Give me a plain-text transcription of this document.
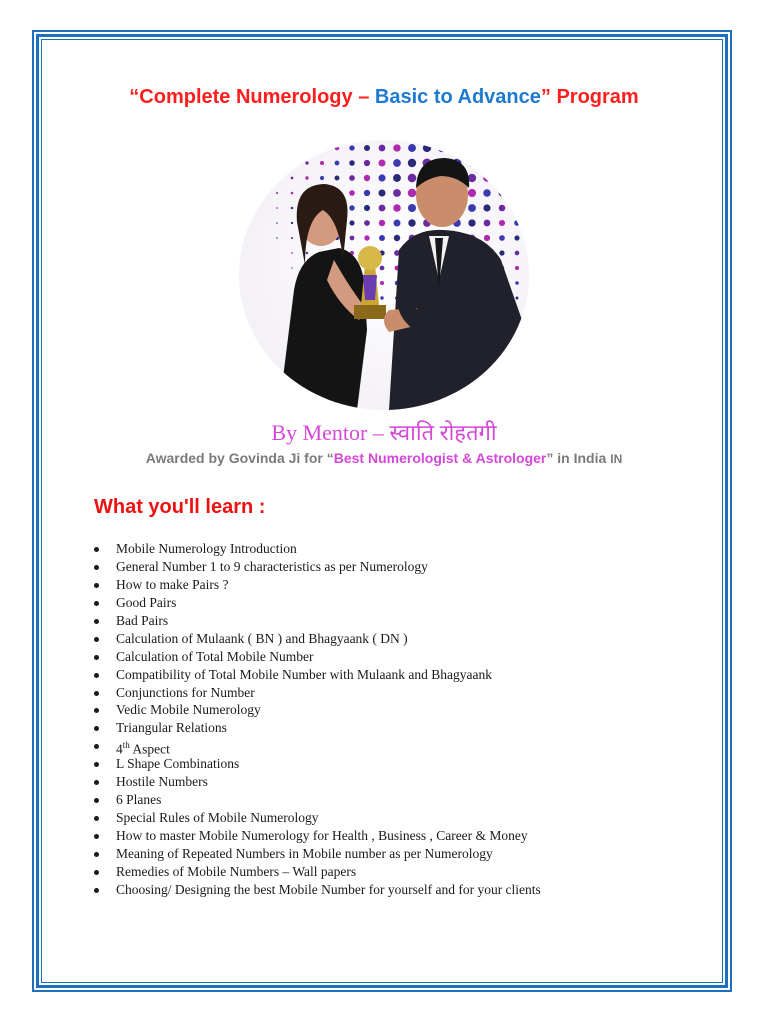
“Complete Numerology – Basic to Advance” Program
By Mentor – स्वाति रोहतगी
Awarded by Govinda Ji for “Best Numerologist & Astrologer” in India IN
What you'll learn :
Mobile Numerology Introduction
General Number 1 to 9 characteristics as per Numerology
How to make Pairs ?
Good Pairs
Bad Pairs
Calculation of Mulaank ( BN ) and Bhagyaank ( DN )
Calculation of Total Mobile Number
Compatibility of Total Mobile Number with Mulaank and Bhagyaank
Conjunctions for Number
Vedic Mobile Numerology
Triangular Relations
4th Aspect
L Shape Combinations
Hostile Numbers
6 Planes
Special Rules of Mobile Numerology
How to master Mobile Numerology for Health , Business , Career & Money
Meaning of Repeated Numbers in Mobile number as per Numerology
Remedies of Mobile Numbers – Wall papers
Choosing/ Designing the best Mobile Number for yourself and for your clients
